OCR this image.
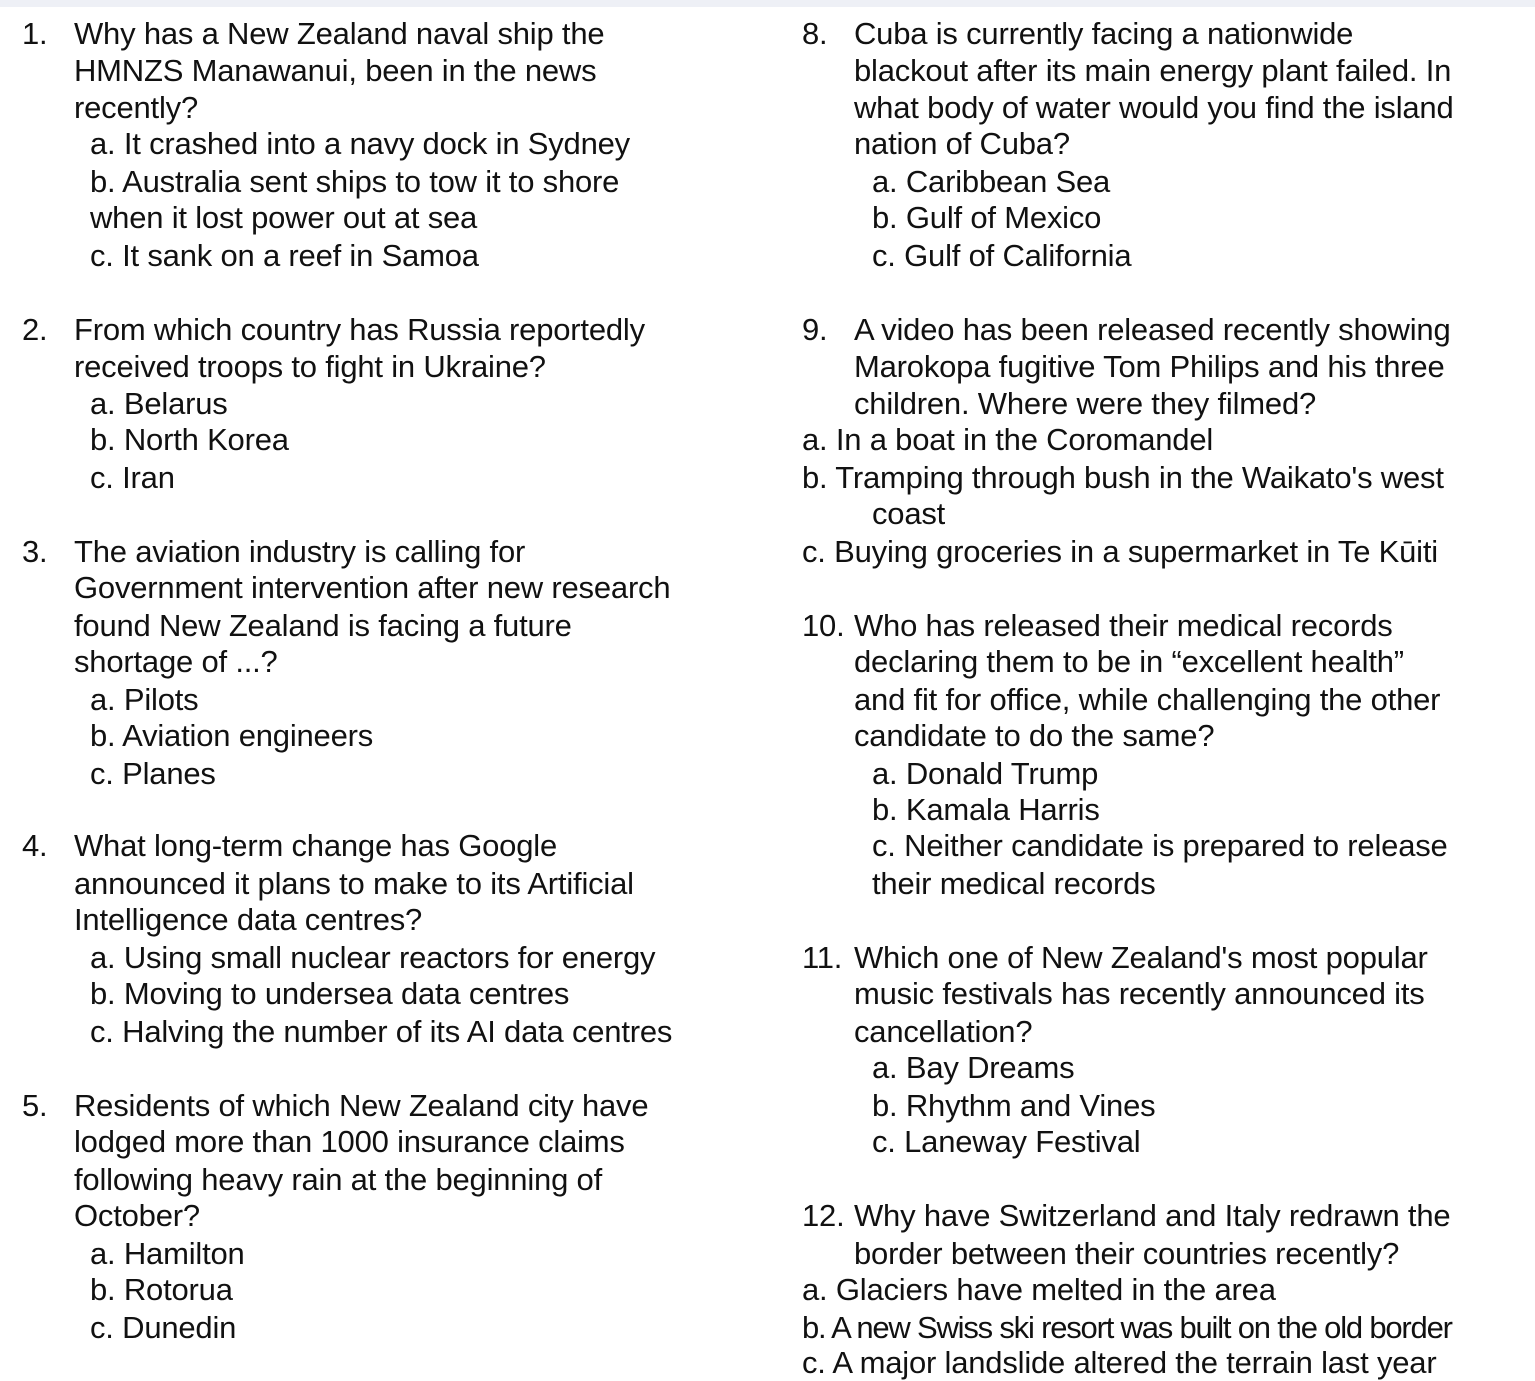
1. Why has a New Zealand naval ship the
HMNZS Manawanui, been in the news
recently?
a. It crashed into a navy dock in Sydney
b. Australia sent ships to tow it to shore
when it lost power out at sea
c. It sank on a reef in Samoa
2. From which country has Russia reportedly
received troops to fight in Ukraine?
a. Belarus
b. North Korea
c. Iran
3. The aviation industry is calling for
Government intervention after new research
found New Zealand is facing a future
shortage of ...?
a. Pilots
b. Aviation engineers
c. Planes
4. What long-term change has Google
announced it plans to make to its Artificial
Intelligence data centres?
a. Using small nuclear reactors for energy
b. Moving to undersea data centres
c. Halving the number of its AI data centres
5. Residents of which New Zealand city have
lodged more than 1000 insurance claims
following heavy rain at the beginning of
October?
a. Hamilton
b. Rotorua
c. Dunedin
8. Cuba is currently facing a nationwide
blackout after its main energy plant failed. In
what body of water would you find the island
nation of Cuba?
a. Caribbean Sea
b. Gulf of Mexico
c. Gulf of California
9. A video has been released recently showing
Marokopa fugitive Tom Philips and his three
children. Where were they filmed?
a. In a boat in the Coromandel
b. Tramping through bush in the Waikato's west
coast
c. Buying groceries in a supermarket in Te Kūiti
10. Who has released their medical records
declaring them to be in “excellent health”
and fit for office, while challenging the other
candidate to do the same?
a. Donald Trump
b. Kamala Harris
c. Neither candidate is prepared to release
their medical records
11. Which one of New Zealand's most popular
music festivals has recently announced its
cancellation?
a. Bay Dreams
b. Rhythm and Vines
c. Laneway Festival
12. Why have Switzerland and Italy redrawn the
border between their countries recently?
a. Glaciers have melted in the area
b. A new Swiss ski resort was built on the old border
c. A major landslide altered the terrain last year
